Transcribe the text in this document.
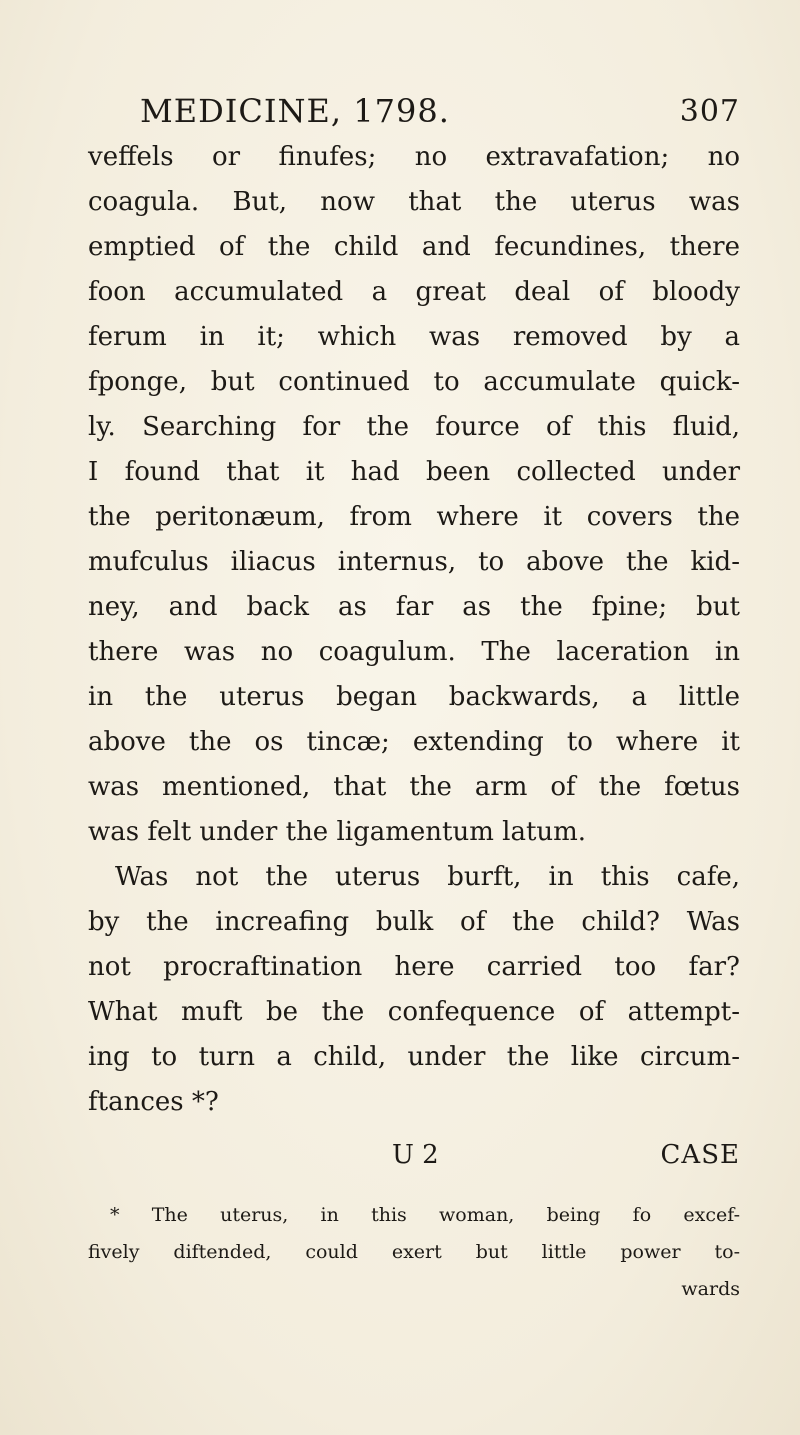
MEDICINE, 1798.	307
veffels or finufes; no extravafation; no
coagula. But, now that the uterus was
emptied of the child and fecundines, there
foon accumulated a great deal of bloody
ferum in it; which was removed by a
fponge, but continued to accumulate quick-
ly. Searching for the fource of this fluid,
I found that it had been collected under
the peritonæum, from where it covers the
mufculus iliacus internus, to above the kid-
ney, and back as far as the fpine; but
there was no coagulum. The laceration in
in the uterus began backwards, a little
above the os tincæ; extending to where it
was mentioned, that the arm of the fœtus
was felt under the ligamentum latum.
Was not the uterus burft, in this cafe,
by the increafing bulk of the child? Was
not procraftination here carried too far?
What muft be the confequence of attempt-
ing to turn a child, under the like circum-
ftances *?
U 2	CASE
* The uterus, in this woman, being fo excef-
fively diftended, could exert but little power to-
wards
